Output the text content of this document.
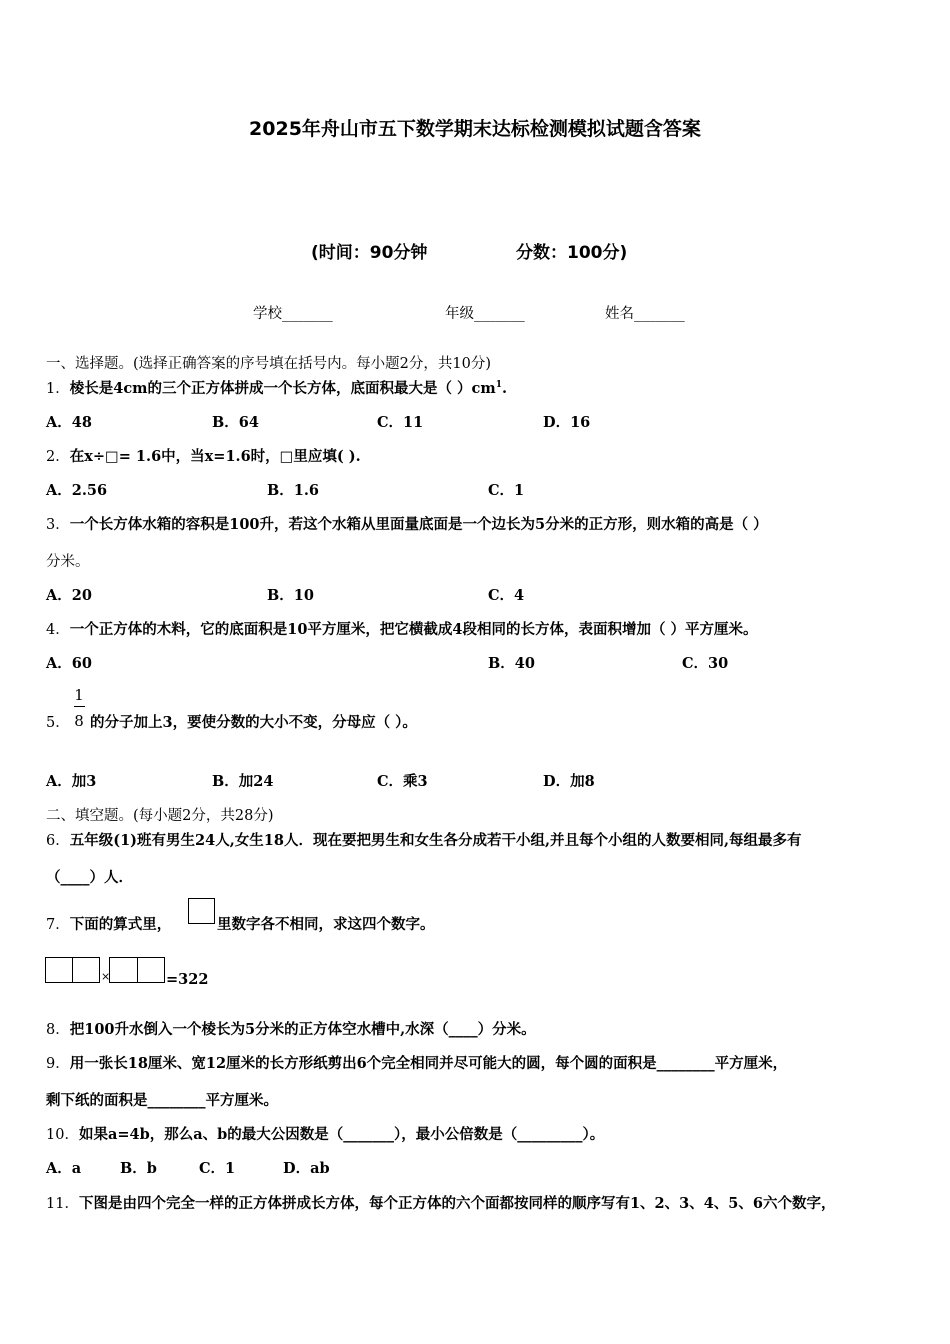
2025年舟山市五下数学期末达标检测模拟试题含答案
(时间：90分钟	分数：100分)
学校_______	年级_______	姓名_______
一、选择题。(选择正确答案的序号填在括号内。每小题2分，共10分)
1．棱长是4cm的三个正方体拼成一个长方体，底面积最大是（ ）$cm^1$.
A．48	B．64	C．11	D．16
2．在x÷□= 1.6中，当x=1.6时，□里应填( ).
A．2.56	B．1.6	C．1
3．一个长方体水箱的容积是100升，若这个水箱从里面量底面是一个边长为5分米的正方形，则水箱的高是（ ）
分米。
A．20	B．10	C．4
4．一个正方体的木料，它的底面积是10平方厘米，把它横截成4段相同的长方体，表面积增加（ ）平方厘米。
A．60	B．40	C．30
5．
1
8 的分子加上3，要使分数的大小不变，分母应（ ）。
A．加3	B．加24	C．乘3	D．加8
二、填空题。(每小题2分，共28分)
6．五年级(1)班有男生24人,女生18人．现在要把男生和女生各分成若干小组,并且每个小组的人数要相同,每组最多有
（____）人．
7．下面的算式里，	里数字各不相同，求这四个数字。
×	=322
8．把100升水倒入一个棱长为5分米的正方体空水槽中,水深（____）分米。
9．用一张长18厘米、宽12厘米的长方形纸剪出6个完全相同并尽可能大的圆，每个圆的面积是________平方厘米，
剩下纸的面积是________平方厘米。
10．如果a=4b，那么a、b的最大公因数是（_______），最小公倍数是（_________）。
A．a	B．b	C．1	D．ab
11．下图是由四个完全一样的正方体拼成长方体，每个正方体的六个面都按同样的顺序写有1、2、3、4、5、6六个数字，
